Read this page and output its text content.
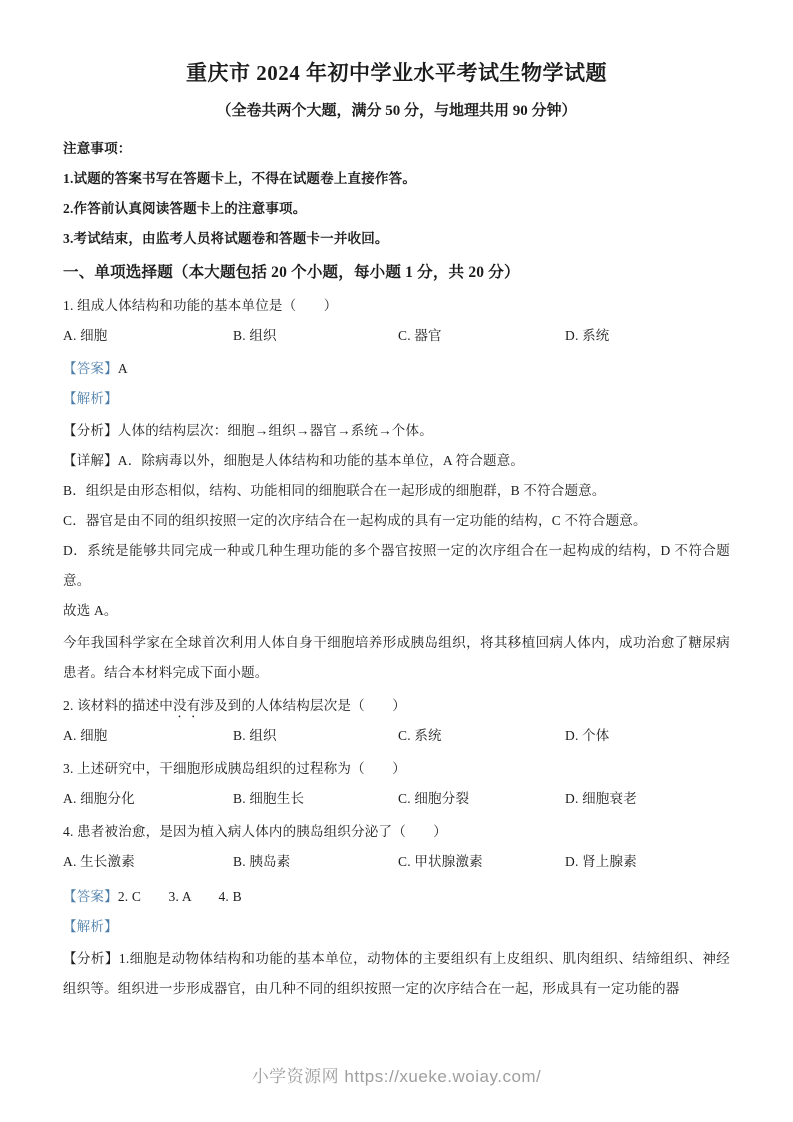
重庆市 2024 年初中学业水平考试生物学试题

（全卷共两个大题，满分 50 分，与地理共用 90 分钟）

注意事项：

1.试题的答案书写在答题卡上，不得在试题卷上直接作答。

2.作答前认真阅读答题卡上的注意事项。

3.考试结束，由监考人员将试题卷和答题卡一并收回。

一、单项选择题（本大题包括 20 个小题，每小题 1 分，共 20 分）

1. 组成人体结构和功能的基本单位是（　　）

A. 细胞	B. 组织	C. 器官	D. 系统

【答案】A

【解析】

【分析】人体的结构层次：细胞→组织→器官→系统→个体。

【详解】A．除病毒以外，细胞是人体结构和功能的基本单位，A 符合题意。

B．组织是由形态相似，结构、功能相同的细胞联合在一起形成的细胞群，B 不符合题意。

C．器官是由不同的组织按照一定的次序结合在一起构成的具有一定功能的结构，C 不符合题意。

D．系统是能够共同完成一种或几种生理功能的多个器官按照一定的次序组合在一起构成的结构，D 不符合题意。

故选 A。

今年我国科学家在全球首次利用人体自身干细胞培养形成胰岛组织，将其移植回病人体内，成功治愈了糖尿病患者。结合本材料完成下面小题。

2. 该材料的描述中没有涉及到的人体结构层次是（　　）

A. 细胞	B. 组织	C. 系统	D. 个体

3. 上述研究中，干细胞形成胰岛组织的过程称为（　　）

A. 细胞分化	B. 细胞生长	C. 细胞分裂	D. 细胞衰老

4. 患者被治愈，是因为植入病人体内的胰岛组织分泌了（　　）

A. 生长激素	B. 胰岛素	C. 甲状腺激素	D. 肾上腺素

【答案】2. C　　3. A　　4. B

【解析】

【分析】1.细胞是动物体结构和功能的基本单位，动物体的主要组织有上皮组织、肌肉组织、结缔组织、神经组织等。组织进一步形成器官，由几种不同的组织按照一定的次序结合在一起，形成具有一定功能的器

小学资源网 https://xueke.woiay.com/
